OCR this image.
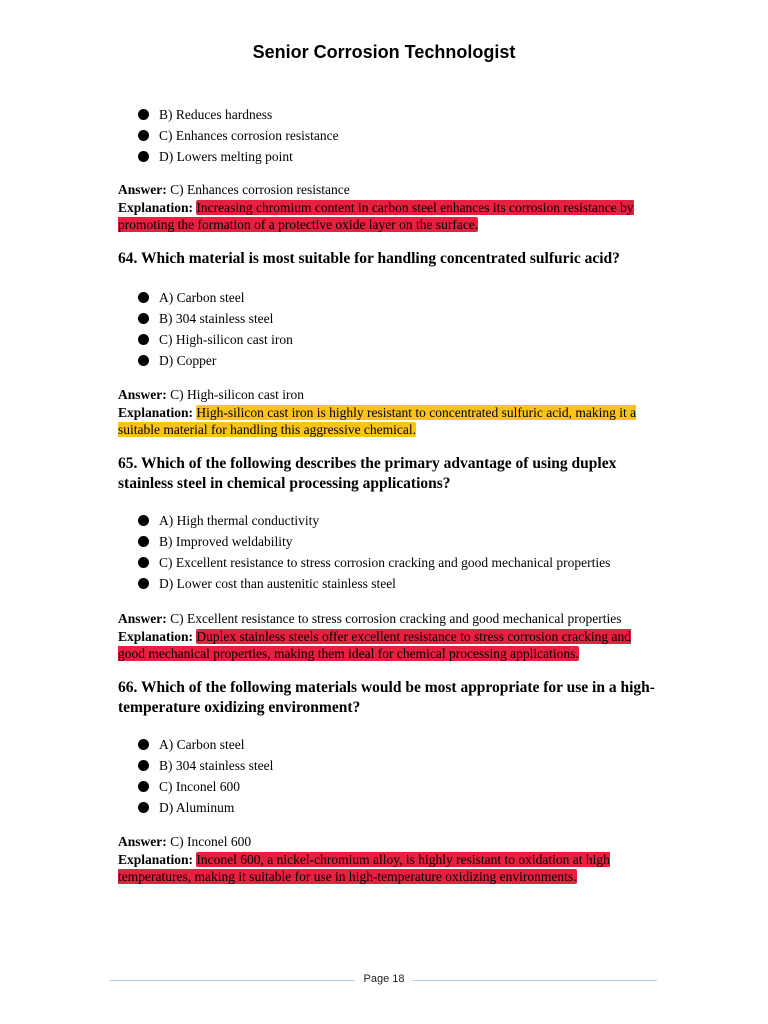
Senior Corrosion Technologist
B) Reduces hardness
C) Enhances corrosion resistance
D) Lowers melting point
Answer: C) Enhances corrosion resistance
Explanation: Increasing chromium content in carbon steel enhances its corrosion resistance by promoting the formation of a protective oxide layer on the surface.

64. Which material is most suitable for handling concentrated sulfuric acid?

A) Carbon steel
B) 304 stainless steel
C) High-silicon cast iron
D) Copper
Answer: C) High-silicon cast iron
Explanation: High-silicon cast iron is highly resistant to concentrated sulfuric acid, making it a suitable material for handling this aggressive chemical.

65. Which of the following describes the primary advantage of using duplex stainless steel in chemical processing applications?

A) High thermal conductivity
B) Improved weldability
C) Excellent resistance to stress corrosion cracking and good mechanical properties
D) Lower cost than austenitic stainless steel
Answer: C) Excellent resistance to stress corrosion cracking and good mechanical properties
Explanation: Duplex stainless steels offer excellent resistance to stress corrosion cracking and good mechanical properties, making them ideal for chemical processing applications.

66. Which of the following materials would be most appropriate for use in a high-temperature oxidizing environment?

A) Carbon steel
B) 304 stainless steel
C) Inconel 600
D) Aluminum
Answer: C) Inconel 600
Explanation: Inconel 600, a nickel-chromium alloy, is highly resistant to oxidation at high temperatures, making it suitable for use in high-temperature oxidizing environments.
Page 18
